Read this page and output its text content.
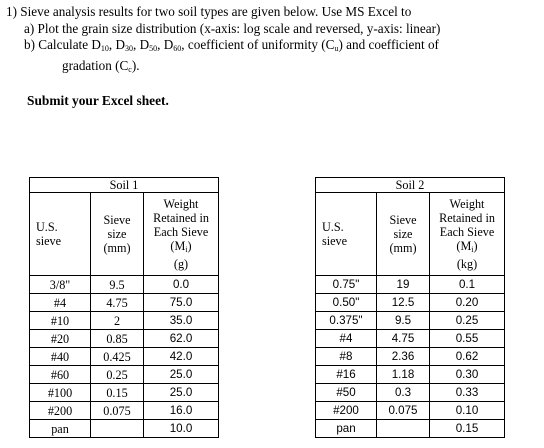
1) Sieve analysis results for two soil types are given below. Use MS Excel to
a) Plot the grain size distribution (x-axis: log scale and reversed, y-axis: linear)
b) Calculate $D_{10}$, $D_{30}$, $D_{50}$, $D_{60}$, coefficient of uniformity $(C_u)$ and coefficient of
gradation $(C_c)$.
Submit your Excel sheet.
Soil 1		
U.S.
sieve	Sieve
size
(mm)	Weight
Retained in
Each Sieve
$(M_i)$
(g)
3/8"	9.5	0.0
#4	4.75	75.0
#10	2	35.0
#20	0.85	62.0
#40	0.425	42.0
#60	0.25	25.0
#100	0.15	25.0
#200	0.075	16.0
pan		10.0
Soil 2		
U.S.
sieve	Sieve
size
(mm)	Weight
Retained in
Each Sieve
$(M_i)$
(kg)
0.75"	19	0.1
0.50"	12.5	0.20
0.375"	9.5	0.25
#4	4.75	0.55
#8	2.36	0.62
#16	1.18	0.30
#50	0.3	0.33
#200	0.075	0.10
pan		0.15
